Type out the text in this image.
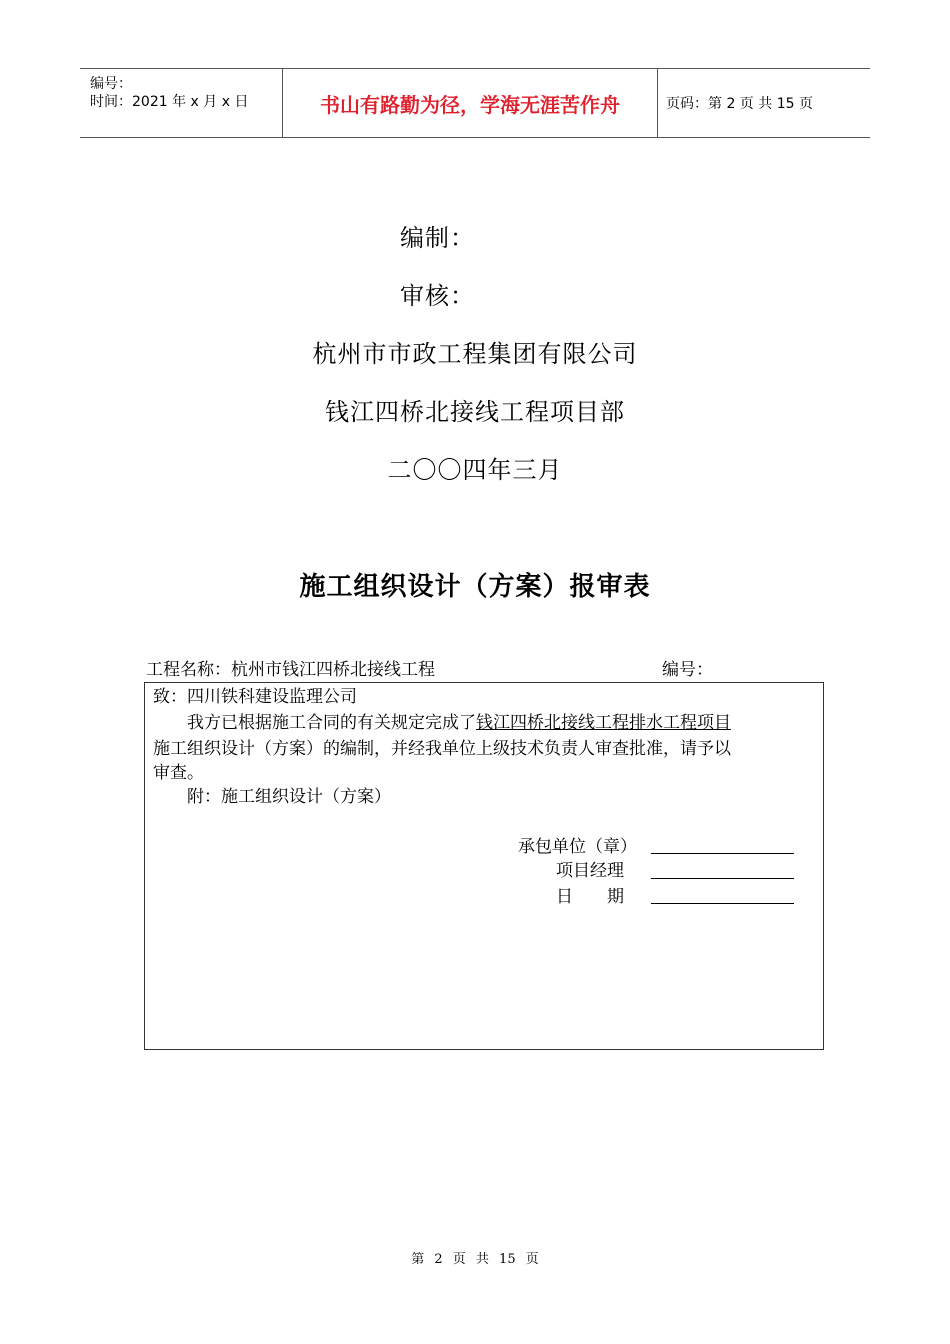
编号：
时间：2021 年 x 月 x 日	书山有路勤为径，学海无涯苦作舟	页码：第 2 页 共 15 页
编制：
审核：
杭州市市政工程集团有限公司
钱江四桥北接线工程项目部
二〇〇四年三月
施工组织设计（方案）报审表
工程名称：杭州市钱江四桥北接线工程	编号：
致：四川铁科建设监理公司
我方已根据施工合同的有关规定完成了钱江四桥北接线工程排水工程项目
施工组织设计（方案）的编制，并经我单位上级技术负责人审查批准，请予以
审查。
附：施工组织设计（方案）
承包单位（章）
项目经理
日　　期
第 2 页 共 15 页
